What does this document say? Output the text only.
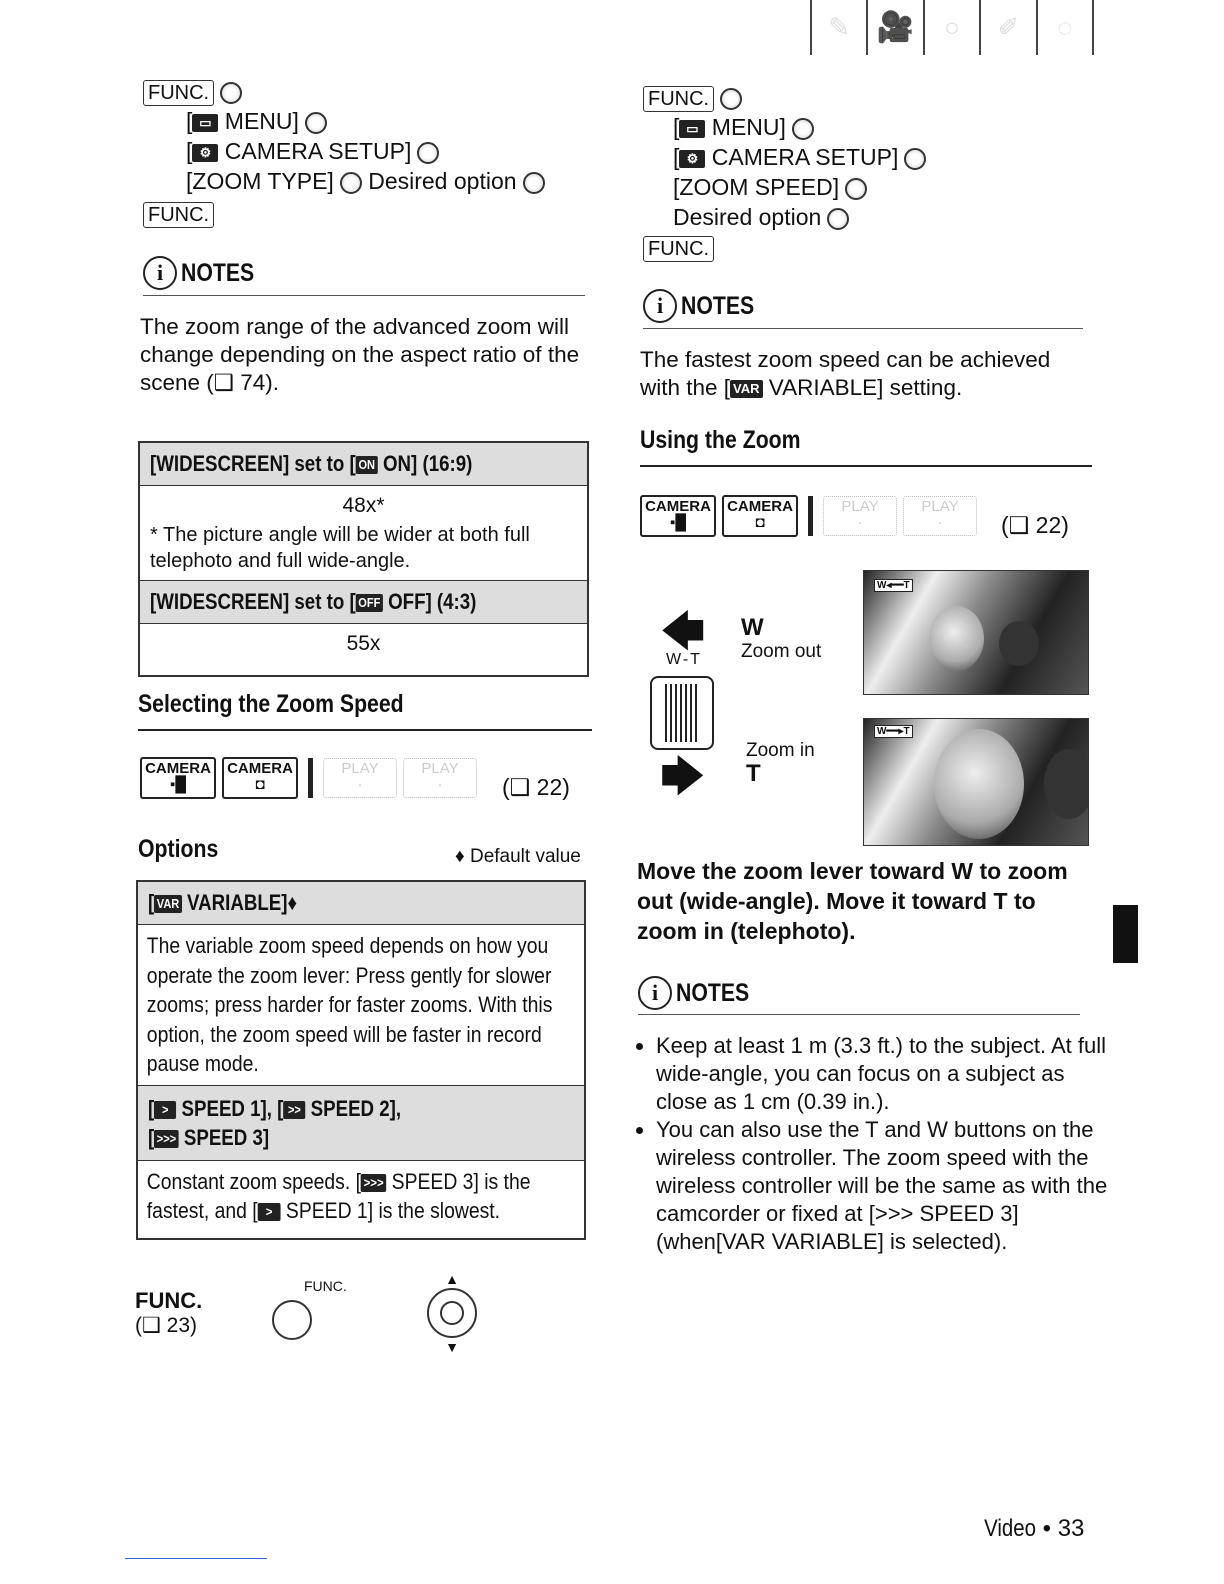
✎ 🎥	○	✐	◌
FUNC.
[ ▭ MENU]
[ ⚙ CAMERA SETUP]
[ZOOM TYPE] Desired option
FUNC.
i NOTES
The zoom range of the advanced zoom will change depending on the aspect ratio of the scene (❑ 74).
[WIDESCREEN] set to [ ON ON] (16:9)
48x*
* The picture angle will be wider at both full telephoto and full wide-angle.
[WIDESCREEN] set to [ OFF OFF] (4:3)
55x
Selecting the Zoom Speed
CAMERA
▪█
CAMERA
◘
PLAY
·
PLAY
·	(❑ 22)
Options	♦ Default value
[ VAR VARIABLE]♦
The variable zoom speed depends on how you operate the zoom lever: Press gently for slower zooms; press harder for faster zooms. With this option, the zoom speed will be faster in record pause mode.
[ > SPEED 1], [ >> SPEED 2],
[ >>> SPEED 3]
Constant zoom speeds. [ >>> SPEED 3] is the fastest, and [ > SPEED 1] is the slowest.
FUNC.
(❑ 23)
FUNC.	▲
▼
FUNC.
[ ▭ MENU]
[ ⚙ CAMERA SETUP]
[ZOOM SPEED]
Desired option
FUNC.
i NOTES
The fastest zoom speed can be achieved with the [ VAR VARIABLE] setting.
Using the Zoom
CAMERA
▪█
CAMERA
◘
PLAY
·
PLAY
·	(❑ 22)
🡄
W-T
🡆
W
Zoom out
Zoom in
T
W◂━━T
W━━▸T
Move the zoom lever toward W to zoom out (wide-angle). Move it toward T to zoom in (telephoto).
i NOTES
• Keep at least 1 m (3.3 ft.) to the subject. At full wide-angle, you can focus on a subject as close as 1 cm (0.39 in.).
• You can also use the T and W buttons on the wireless controller. The zoom speed with the wireless controller will be the same as with the camcorder or fixed at [>>> SPEED 3] (when[VAR VARIABLE] is selected).
Video • 33
